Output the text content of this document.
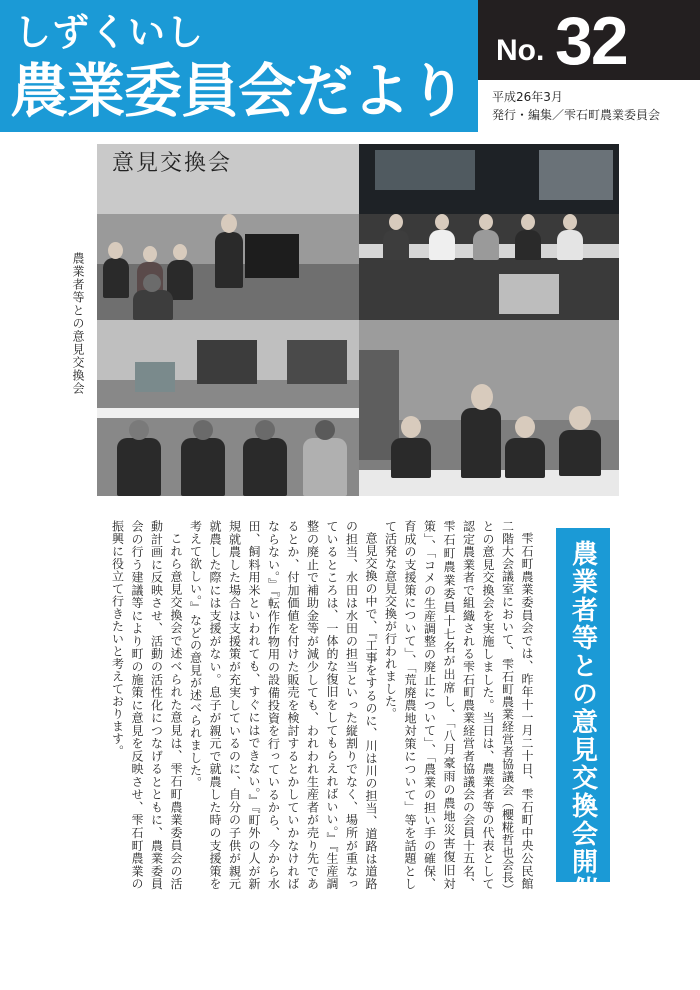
しずくいし
農業委員会だより
No. 32
平成26年3月
発行・編集／雫石町農業委員会
農業者等との意見交換会
意見交換会

雫石町農業委員会では、昨年十一月二十日、雫石町中央公民館二階大会議室において、雫石町農業経営者協議会（櫻糀哲也会長）との意見交換会を実施しました。当日は、農業者等の代表として認定農業者で組織される雫石町農業経営者協議会の会員十五名、雫石町農業委員十七名が出席し、「八月豪雨の農地災害復旧対策」、「コメの生産調整の廃止について」、「農業の担い手の確保、育成の支援策について」、「荒廃農地対策について」等を話題として活発な意見交換が行われました。

意見交換の中で、『工事をするのに、川は川の担当、道路は道路の担当、水田は水田の担当といった縦割りでなく、場所が重なっているところは、一体的な復旧をしてもらえればいい。』『生産調整の廃止で補助金等が減少しても、われわれ生産者が売り先であるとか、付加価値を付けた販売を検討するとかしていかなければならない。』『転作作物用の設備投資を行っているから、今から水田、飼料用米といわれても、すぐにはできない。』『町外の人が新規就農した場合は支援策が充実しているのに、自分の子供が親元就農した際には支援がない。息子が親元で就農した時の支援策を考えて欲しい。』などの意見が述べられました。

これら意見交換会で述べられた意見は、雫石町農業委員会の活動計画に反映させ、活動の活性化につなげるとともに、農業委員会の行う建議等により町の施策に意見を反映させ、雫石町農業の振興に役立て行きたいと考えております。	農業者等との意見交換会開催
